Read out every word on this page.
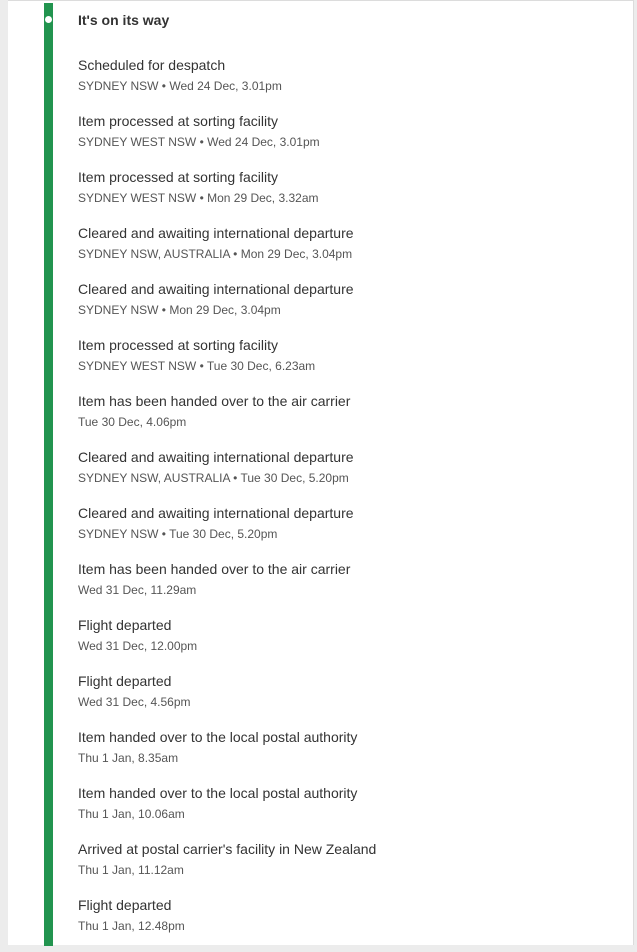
It's on its way
Scheduled for despatch
SYDNEY NSW • Wed 24 Dec, 3.01pm
Item processed at sorting facility
SYDNEY WEST NSW • Wed 24 Dec, 3.01pm
Item processed at sorting facility
SYDNEY WEST NSW • Mon 29 Dec, 3.32am
Cleared and awaiting international departure
SYDNEY NSW, AUSTRALIA • Mon 29 Dec, 3.04pm
Cleared and awaiting international departure
SYDNEY NSW • Mon 29 Dec, 3.04pm
Item processed at sorting facility
SYDNEY WEST NSW • Tue 30 Dec, 6.23am
Item has been handed over to the air carrier
Tue 30 Dec, 4.06pm
Cleared and awaiting international departure
SYDNEY NSW, AUSTRALIA • Tue 30 Dec, 5.20pm
Cleared and awaiting international departure
SYDNEY NSW • Tue 30 Dec, 5.20pm
Item has been handed over to the air carrier
Wed 31 Dec, 11.29am
Flight departed
Wed 31 Dec, 12.00pm
Flight departed
Wed 31 Dec, 4.56pm
Item handed over to the local postal authority
Thu 1 Jan, 8.35am
Item handed over to the local postal authority
Thu 1 Jan, 10.06am
Arrived at postal carrier's facility in New Zealand
Thu 1 Jan, 11.12am
Flight departed
Thu 1 Jan, 12.48pm
